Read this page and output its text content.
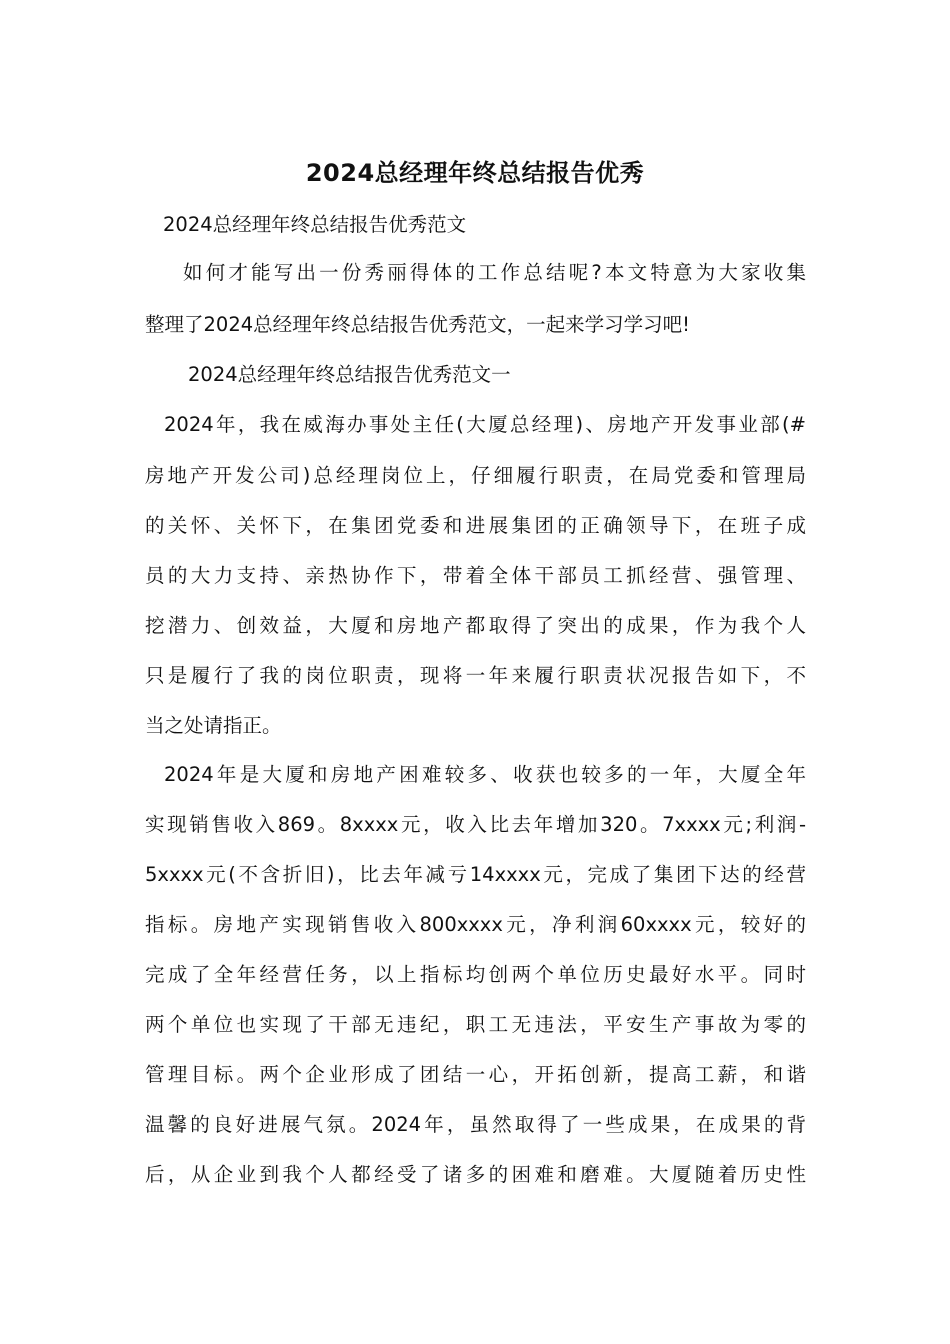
2024总经理年终总结报告优秀
2024总经理年终总结报告优秀范文
如何才能写出一份秀丽得体的工作总结呢?本文特意为大家收集
整理了2024总经理年终总结报告优秀范文，一起来学习学习吧!
2024总经理年终总结报告优秀范文一
2024年，我在威海办事处主任(大厦总经理)、房地产开发事业部(#
房地产开发公司)总经理岗位上，仔细履行职责，在局党委和管理局
的关怀、关怀下，在集团党委和进展集团的正确领导下，在班子成
员的大力支持、亲热协作下，带着全体干部员工抓经营、强管理、
挖潜力、创效益，大厦和房地产都取得了突出的成果，作为我个人
只是履行了我的岗位职责，现将一年来履行职责状况报告如下，不
当之处请指正。
2024年是大厦和房地产困难较多、收获也较多的一年，大厦全年
实现销售收入869。8xxxx元，收入比去年增加320。7xxxx元;利润-
5xxxx元(不含折旧)，比去年减亏14xxxx元，完成了集团下达的经营
指标。房地产实现销售收入800xxxx元，净利润60xxxx元，较好的
完成了全年经营任务，以上指标均创两个单位历史最好水平。同时
两个单位也实现了干部无违纪，职工无违法，平安生产事故为零的
管理目标。两个企业形成了团结一心，开拓创新，提高工薪，和谐
温馨的良好进展气氛。2024年，虽然取得了一些成果，在成果的背
后，从企业到我个人都经受了诸多的困难和磨难。大厦随着历史性
